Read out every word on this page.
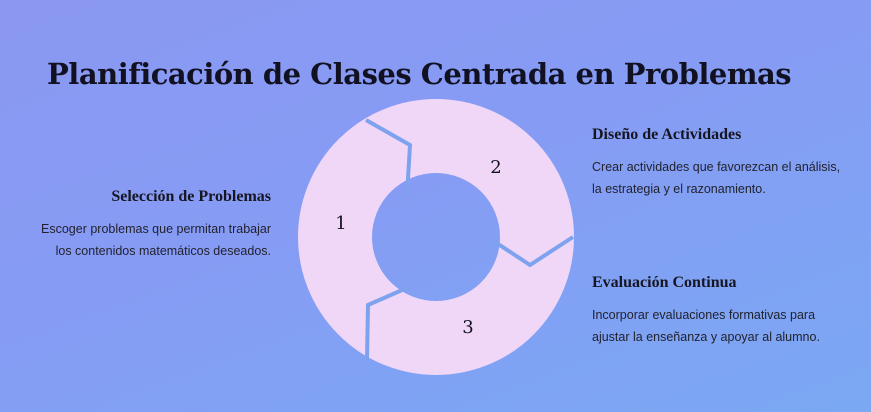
Planificación de Clases Centrada en Problemas
1
2
3
Selección de Problemas

Escoger problemas que permitan trabajar los contenidos matemáticos deseados.

Diseño de Actividades

Crear actividades que favorezcan el análisis, la estrategia y el razonamiento.

Evaluación Continua

Incorporar evaluaciones formativas para ajustar la enseñanza y apoyar al alumno.
